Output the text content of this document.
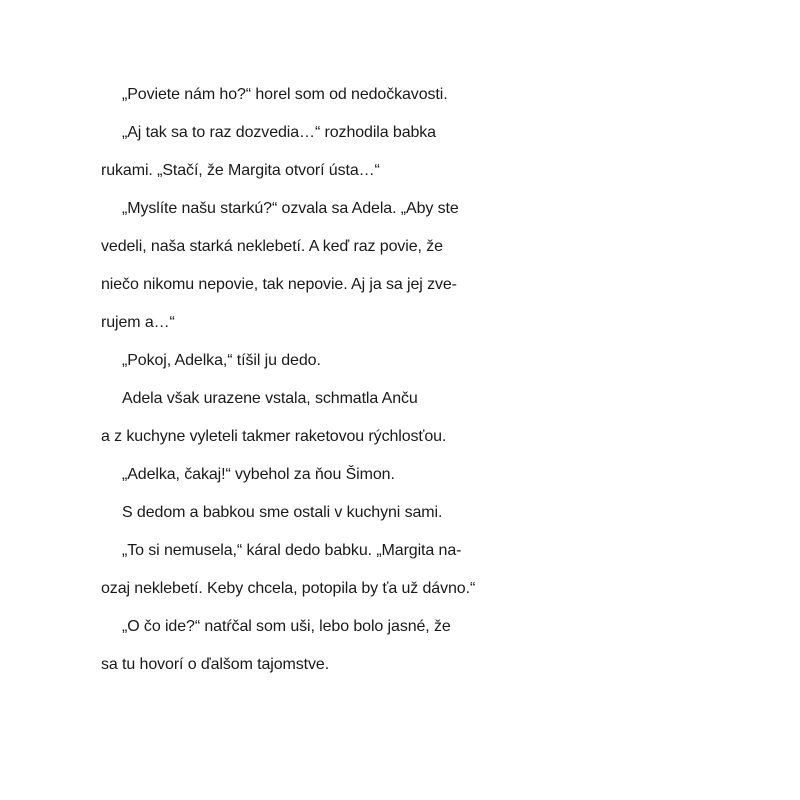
„Poviete nám ho?“ horel som od nedočkavosti.
„Aj tak sa to raz dozvedia…“ rozhodila babka
rukami. „Stačí, že Margita otvorí ústa…“
„Myslíte našu starkú?“ ozvala sa Adela. „Aby ste
vedeli, naša starká neklebetí. A keď raz povie, že
niečo nikomu nepovie, tak nepovie. Aj ja sa jej zve-
rujem a…“
„Pokoj, Adelka,“ tíšil ju dedo.
Adela však urazene vstala, schmatla Anču
a z kuchyne vyleteli takmer raketovou rýchlosťou.
„Adelka, čakaj!“ vybehol za ňou Šimon.
S dedom a babkou sme ostali v kuchyni sami.
„To si nemusela,“ káral dedo babku. „Margita na-
ozaj neklebetí. Keby chcela, potopila by ťa už dávno.“
„O čo ide?“ natŕčal som uši, lebo bolo jasné, že
sa tu hovorí o ďalšom tajomstve.
